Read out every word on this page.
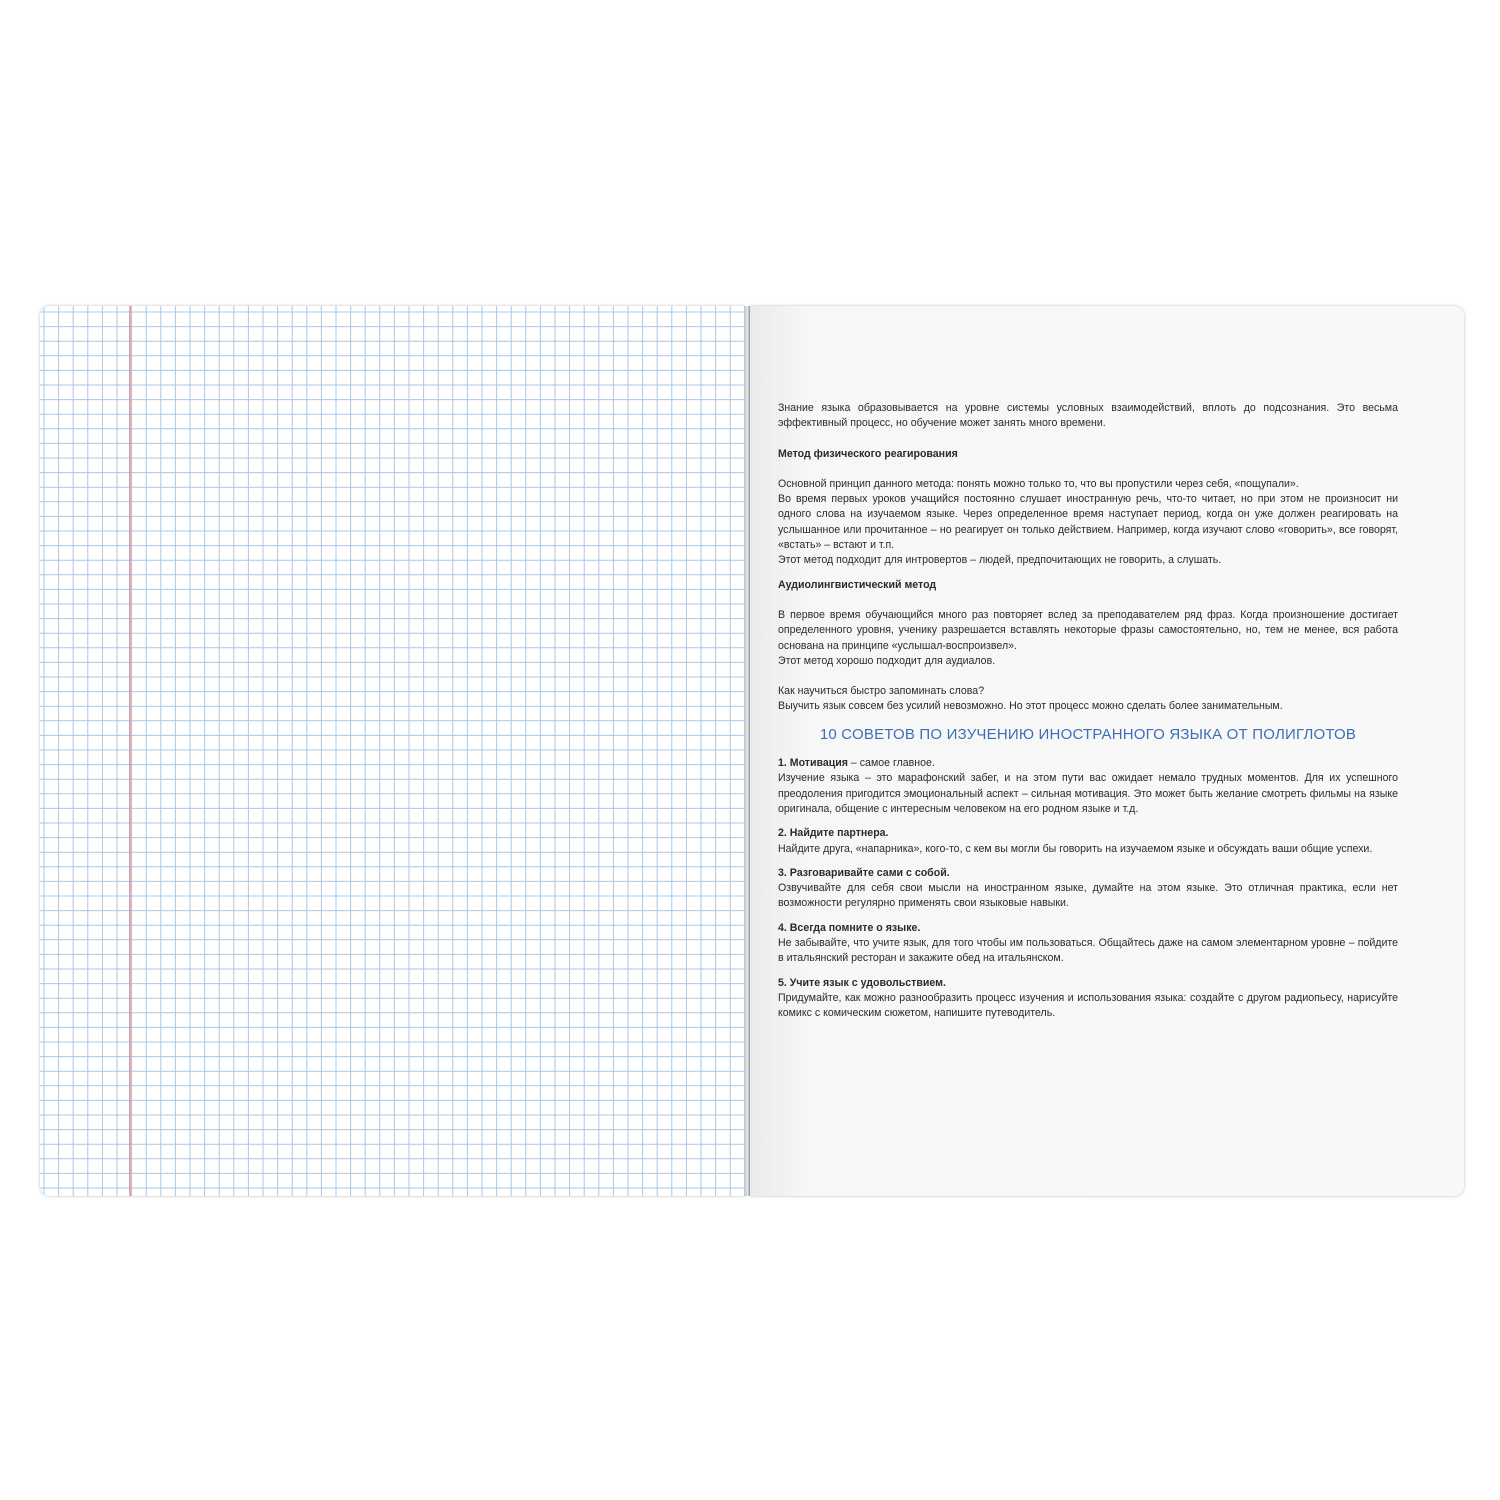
Знание языка образовывается на уровне системы условных взаимодействий, вплоть до подсознания. Это весьма эффективный процесс, но обучение может занять много времени.

Метод физического реагирования

Основной принцип данного метода: понять можно только то, что вы пропустили через себя, «пощупали».

Во время первых уроков учащийся постоянно слушает иностранную речь, что-то читает, но при этом не произносит ни одного слова на изучаемом языке. Через определенное время наступает период, когда он уже должен реагировать на услышанное или прочитанное – но реагирует он только действием. Например, когда изучают слово «говорить», все говорят, «встать» – встают и т.п.

Этот метод подходит для интровертов – людей, предпочитающих не говорить, а слушать.

Аудиолингвистический метод

В первое время обучающийся много раз повторяет вслед за преподавателем ряд фраз. Когда произношение достигает определенного уровня, ученику разрешается вставлять некоторые фразы самостоятельно, но, тем не менее, вся работа основана на принципе «услышал-воспроизвел».

Этот метод хорошо подходит для аудиалов.

Как научиться быстро запоминать слова?

Выучить язык совсем без усилий невозможно. Но этот процесс можно сделать более занимательным.

10 СОВЕТОВ ПО ИЗУЧЕНИЮ ИНОСТРАННОГО ЯЗЫКА ОТ ПОЛИГЛОТОВ

1. Мотивация – самое главное.

Изучение языка – это марафонский забег, и на этом пути вас ожидает немало трудных моментов. Для их успешного преодоления пригодится эмоциональный аспект – сильная мотивация. Это может быть желание смотреть фильмы на языке оригинала, общение с интересным человеком на его родном языке и т.д.

2. Найдите партнера.

Найдите друга, «напарника», кого-то, с кем вы могли бы говорить на изучаемом языке и обсуждать ваши общие успехи.

3. Разговаривайте сами с собой.

Озвучивайте для себя свои мысли на иностранном языке, думайте на этом языке. Это отличная практика, если нет возможности регулярно применять свои языковые навыки.

4. Всегда помните о языке.

Не забывайте, что учите язык, для того чтобы им пользоваться. Общайтесь даже на самом элементарном уровне – пойдите в итальянский ресторан и закажите обед на итальянском.

5. Учите язык с удовольствием.

Придумайте, как можно разнообразить процесс изучения и использования языка: создайте с другом радиопьесу, нарисуйте комикс с комическим сюжетом, напишите путеводитель.
